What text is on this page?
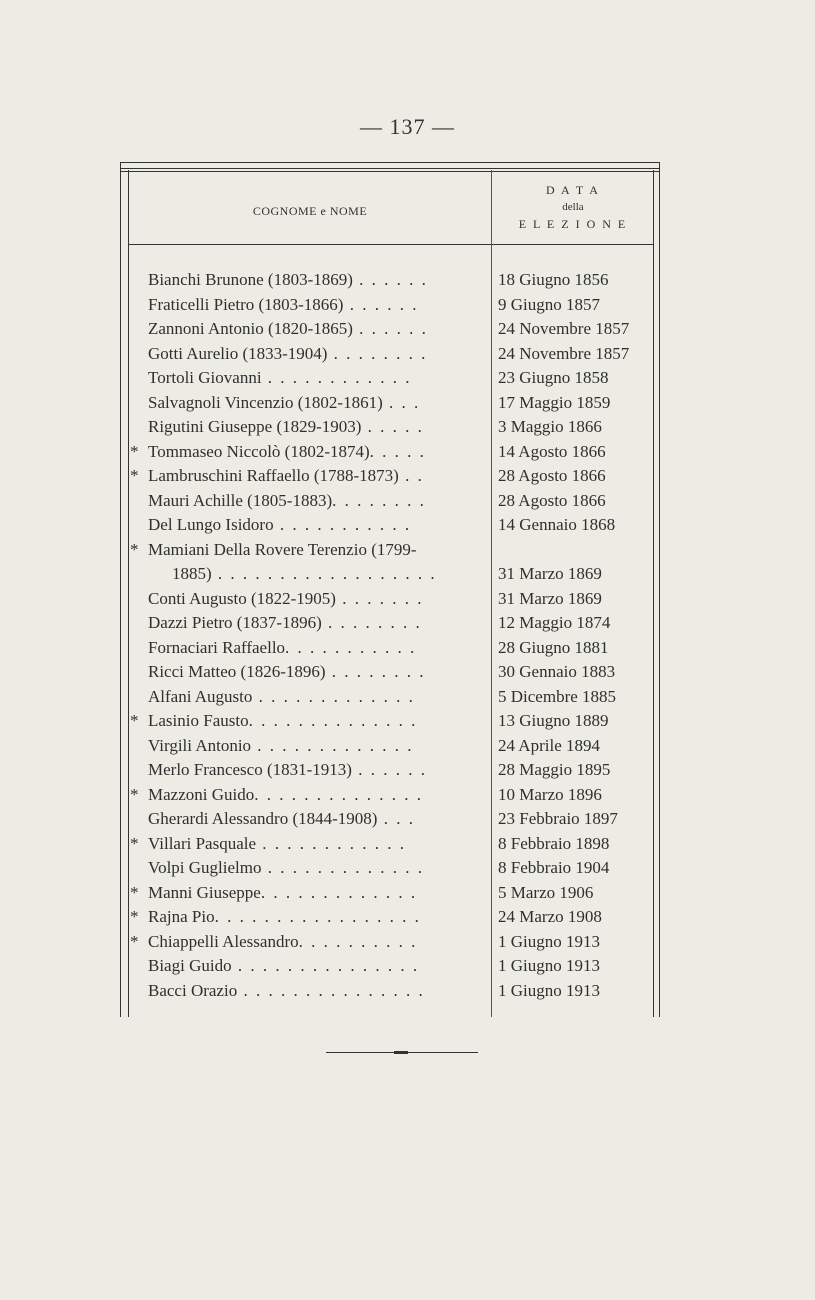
— 137 —
COGNOME e NOME
D A T A
della
E L E Z I O N E
Bianchi Brunone (1803-1869) . . . . . .	18 Giugno 1856
Fraticelli Pietro (1803-1866) . . . . . .	9 Giugno 1857
Zannoni Antonio (1820-1865) . . . . . .	24 Novembre 1857
Gotti Aurelio (1833-1904) . . . . . . . .	24 Novembre 1857
Tortoli Giovanni . . . . . . . . . . . .	23 Giugno 1858
Salvagnoli Vincenzio (1802-1861) . . .	17 Maggio 1859
Rigutini Giuseppe (1829-1903) . . . . .	3 Maggio 1866
* Tommaseo Niccolò (1802-1874). . . . .	14 Agosto 1866
* Lambruschini Raffaello (1788-1873) . .	28 Agosto 1866
Mauri Achille (1805-1883). . . . . . . .	28 Agosto 1866
Del Lungo Isidoro . . . . . . . . . . .	14 Gennaio 1868
* Mamiani Della Rovere Terenzio (1799-
1885) . . . . . . . . . . . . . . . . . .	31 Marzo 1869
Conti Augusto (1822-1905) . . . . . . .	31 Marzo 1869
Dazzi Pietro (1837-1896) . . . . . . . .	12 Maggio 1874
Fornaciari Raffaello. . . . . . . . . . .	28 Giugno 1881
Ricci Matteo (1826-1896) . . . . . . . .	30 Gennaio 1883
Alfani Augusto . . . . . . . . . . . . .	5 Dicembre 1885
* Lasinio Fausto. . . . . . . . . . . . . .	13 Giugno 1889
Virgili Antonio . . . . . . . . . . . . .	24 Aprile 1894
Merlo Francesco (1831-1913) . . . . . .	28 Maggio 1895
* Mazzoni Guido. . . . . . . . . . . . . .	10 Marzo 1896
Gherardi Alessandro (1844-1908) . . .	23 Febbraio 1897
* Villari Pasquale . . . . . . . . . . . .	8 Febbraio 1898
Volpi Guglielmo . . . . . . . . . . . . .	8 Febbraio 1904
* Manni Giuseppe. . . . . . . . . . . . .	5 Marzo 1906
* Rajna Pio. . . . . . . . . . . . . . . . .	24 Marzo 1908
* Chiappelli Alessandro. . . . . . . . . .	1 Giugno 1913
Biagi Guido . . . . . . . . . . . . . . .	1 Giugno 1913
Bacci Orazio . . . . . . . . . . . . . . .	1 Giugno 1913
